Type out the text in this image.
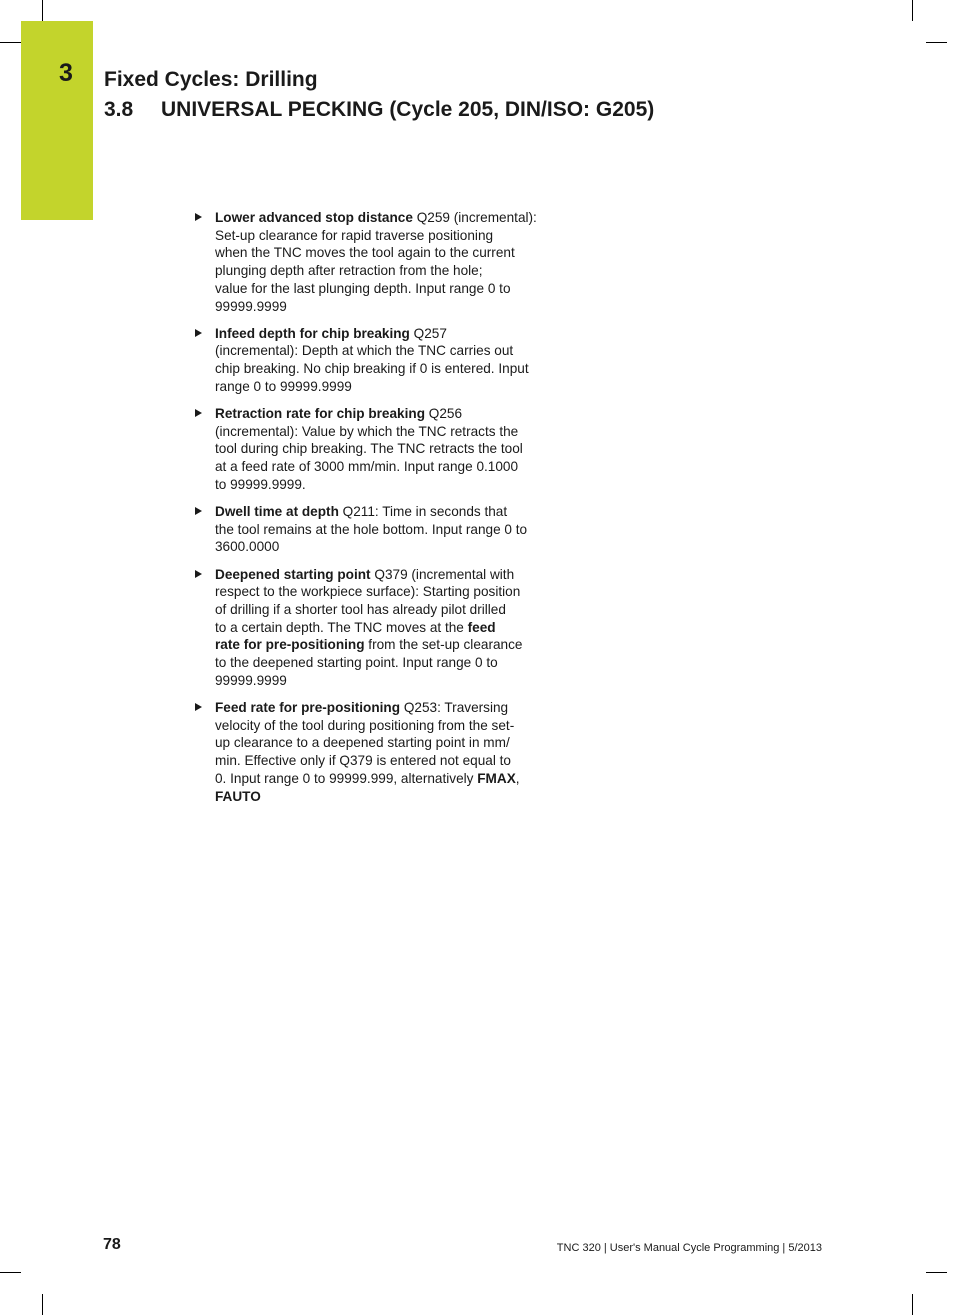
3	Fixed Cycles: Drilling
3.8 UNIVERSAL PECKING (Cycle 205, DIN/ISO: G205)
Lower advanced stop distance Q259 (incremental):
Set-up clearance for rapid traverse positioning
when the TNC moves the tool again to the current
plunging depth after retraction from the hole;
value for the last plunging depth. Input range 0 to
99999.9999
Infeed depth for chip breaking Q257
(incremental): Depth at which the TNC carries out
chip breaking. No chip breaking if 0 is entered. Input
range 0 to 99999.9999
Retraction rate for chip breaking Q256
(incremental): Value by which the TNC retracts the
tool during chip breaking. The TNC retracts the tool
at a feed rate of 3000 mm/min. Input range 0.1000
to 99999.9999.
Dwell time at depth Q211: Time in seconds that
the tool remains at the hole bottom. Input range 0 to
3600.0000
Deepened starting point Q379 (incremental with
respect to the workpiece surface): Starting position
of drilling if a shorter tool has already pilot drilled
to a certain depth. The TNC moves at the feed
rate for pre-positioning from the set-up clearance
to the deepened starting point. Input range 0 to
99999.9999
Feed rate for pre-positioning Q253: Traversing
velocity of the tool during positioning from the set-
up clearance to a deepened starting point in mm/
min. Effective only if Q379 is entered not equal to
0. Input range 0 to 99999.999, alternatively FMAX,
FAUTO
78	TNC 320 | User's Manual Cycle Programming | 5/2013
